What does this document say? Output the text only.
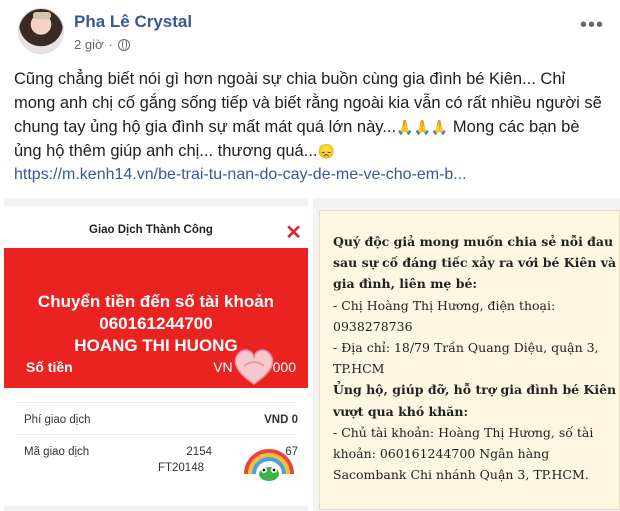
Pha Lê Crystal
2 giờ ·
•••
Cũng chẳng biết nói gì hơn ngoài sự chia buồn cùng gia đình bé Kiên... Chỉ mong anh chị cố gắng sống tiếp và biết rằng ngoài kia vẫn có rất nhiều người sẽ chung tay ủng hộ gia đình sự mất mát quá lớn này...🙏🙏🙏 Mong các bạn bè ủng hộ thêm giúp anh chị... thương quá...😞
https://m.kenh14.vn/be-trai-tu-nan-do-cay-de-me-ve-cho-em-b...
Giao Dịch Thành Công	✕
Chuyển tiền đến số tài khoản
060161244700
HOANG THI HUONG
Số tiền	VN	000
Phí giao dịch	VND 0
Mã giao dịch	2154	67
FT20148
Quý độc giả mong muốn chia sẻ nỗi đau sau sự cố đáng tiếc xảy ra với bé Kiên và gia đình, liên mẹ bé:
- Chị Hoàng Thị Hương, điện thoại: 0938278736
- Địa chỉ: 18/79 Trần Quang Diệu, quận 3, TP.HCM
Ủng hộ, giúp đỡ, hỗ trợ gia đình bé Kiên vượt qua khó khăn:
- Chủ tài khoản: Hoàng Thị Hương, số tài khoản: 060161244700 Ngân hàng Sacombank Chi nhánh Quận 3, TP.HCM.
